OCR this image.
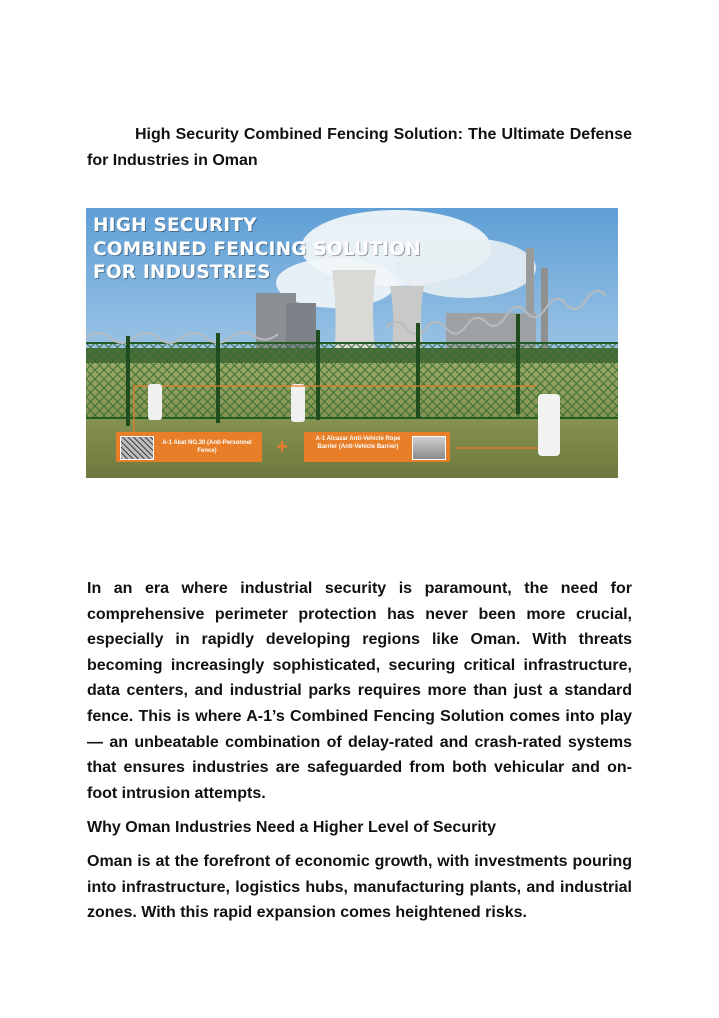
High Security Combined Fencing Solution: The Ultimate Defense for Industries in Oman

HIGH SECURITY
COMBINED FENCING SOLUTION
FOR INDUSTRIES
A-1 Akat NG.30 (Anti-Personnel Fence)	+	A-1 Alcazar Anti-Vehicle Rope Barrier (Anti-Vehicle Barrier)

In an era where industrial security is paramount, the need for comprehensive perimeter protection has never been more crucial, especially in rapidly developing regions like Oman. With threats becoming increasingly sophisticated, securing critical infrastructure, data centers, and industrial parks requires more than just a standard fence. This is where A-1’s Combined Fencing Solution comes into play — an unbeatable combination of delay-rated and crash-rated systems that ensures industries are safeguarded from both vehicular and on-foot intrusion attempts.

Why Oman Industries Need a Higher Level of Security

Oman is at the forefront of economic growth, with investments pouring into infrastructure, logistics hubs, manufacturing plants, and industrial zones. With this rapid expansion comes heightened risks.
